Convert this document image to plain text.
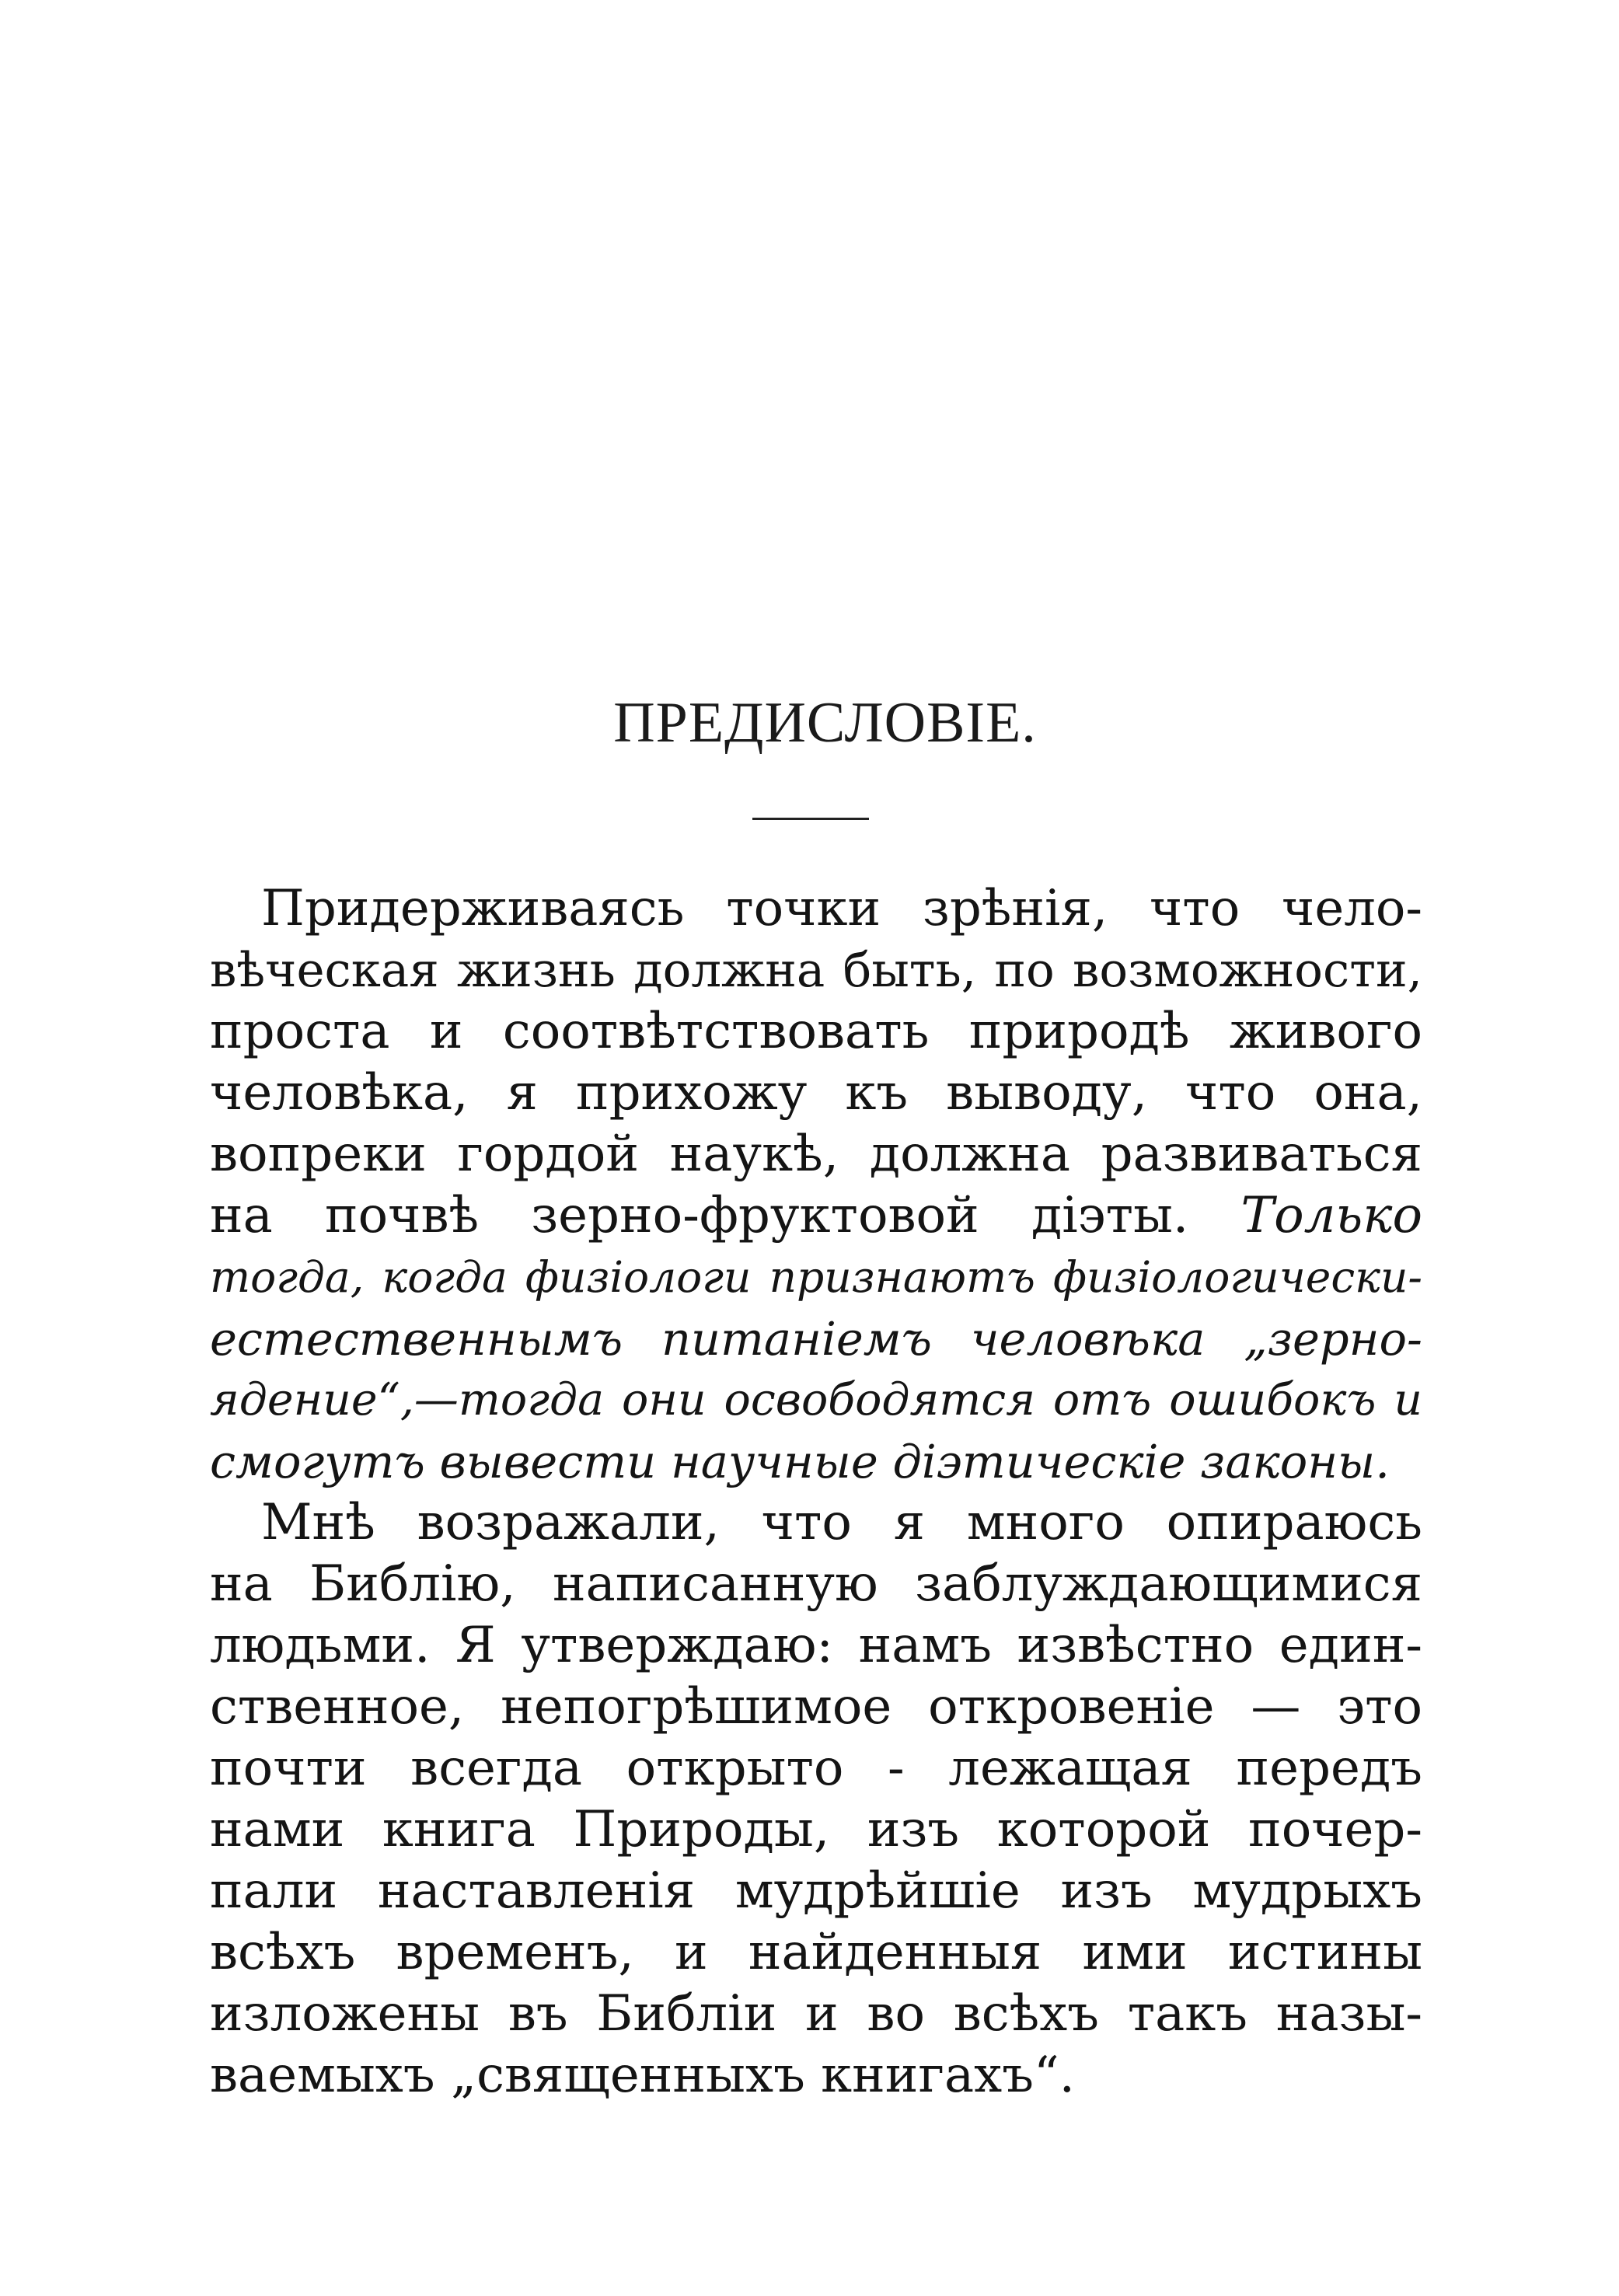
ПРЕДИСЛОВІЕ.
Придерживаясь точки зрѣнія, что чело-
вѣческая жизнь должна быть, по возможности,
проста и соотвѣтствовать природѣ живого
человѣка, я прихожу къ выводу, что она,
вопреки гордой наукѣ, должна развиваться
на почвѣ зерно-фруктовой діэты. Только
тогда, когда физіологи признаютъ физіологически-
естественнымъ питаніемъ человѣка „зерно-
ядение“,—тогда они освободятся отъ ошибокъ и
смогутъ вывести научные діэтическіе законы.
Мнѣ возражали, что я много опираюсь
на Библію, написанную заблуждающимися
людьми. Я утверждаю: намъ извѣстно един-
ственное, непогрѣшимое откровеніе — это
почти всегда открыто - лежащая передъ
нами книга Природы, изъ которой почер-
пали наставленія мудрѣйшіе изъ мудрыхъ
всѣхъ временъ, и найденныя ими истины
изложены въ Библіи и во всѣхъ такъ назы-
ваемыхъ „священныхъ книгахъ“.
